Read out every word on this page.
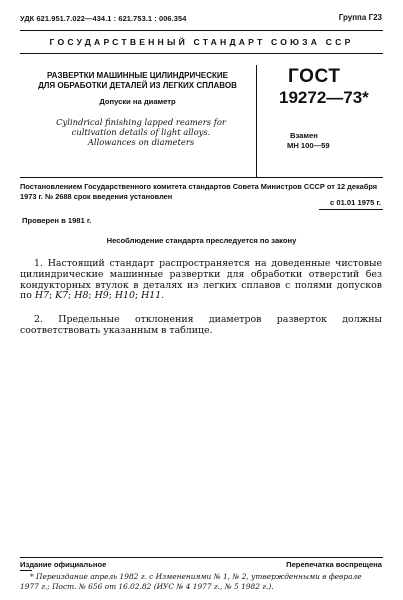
УДК 621.951.7.022—434.1 : 621.753.1 : 006.354	Группа Г23
ГОСУДАРСТВЕННЫЙ СТАНДАРТ СОЮЗА ССР
РАЗВЕРТКИ МАШИННЫЕ ЦИЛИНДРИЧЕСКИЕ
ДЛЯ ОБРАБОТКИ ДЕТАЛЕЙ ИЗ ЛЕГКИХ СПЛАВОВ
Допуски на диаметр
Cylindrical finishing lapped reamers for cultivation details of light alloys. Allowances on diameters
ГОСТ
19272—73*
Взамен
МН 100—59
Постановлением Государственного комитета стандартов Совета Министров СССР от 12 декабря 1973 г. № 2688 срок введения установлен
с 01.01 1975 г.
Проверен в 1981 г.
Несоблюдение стандарта преследуется по закону
1. Настоящий стандарт распространяется на доведенные чистовые цилиндрические машинные развертки для обработки отверстий без кондукторных втулок в деталях из легких сплавов с полями допусков по H7; K7; H8; H9; H10; H11.
2. Предельные отклонения диаметров разверток должны соответствовать указанным в таблице.
Издание официальное	Перепечатка воспрещена
* Переиздание апрель 1982 г. с Изменениями № 1, № 2, утвержденными в феврале 1977 г.; Пост. № 656 от 16.02.82 (ИУС № 4 1977 г., № 5 1982 г.).
